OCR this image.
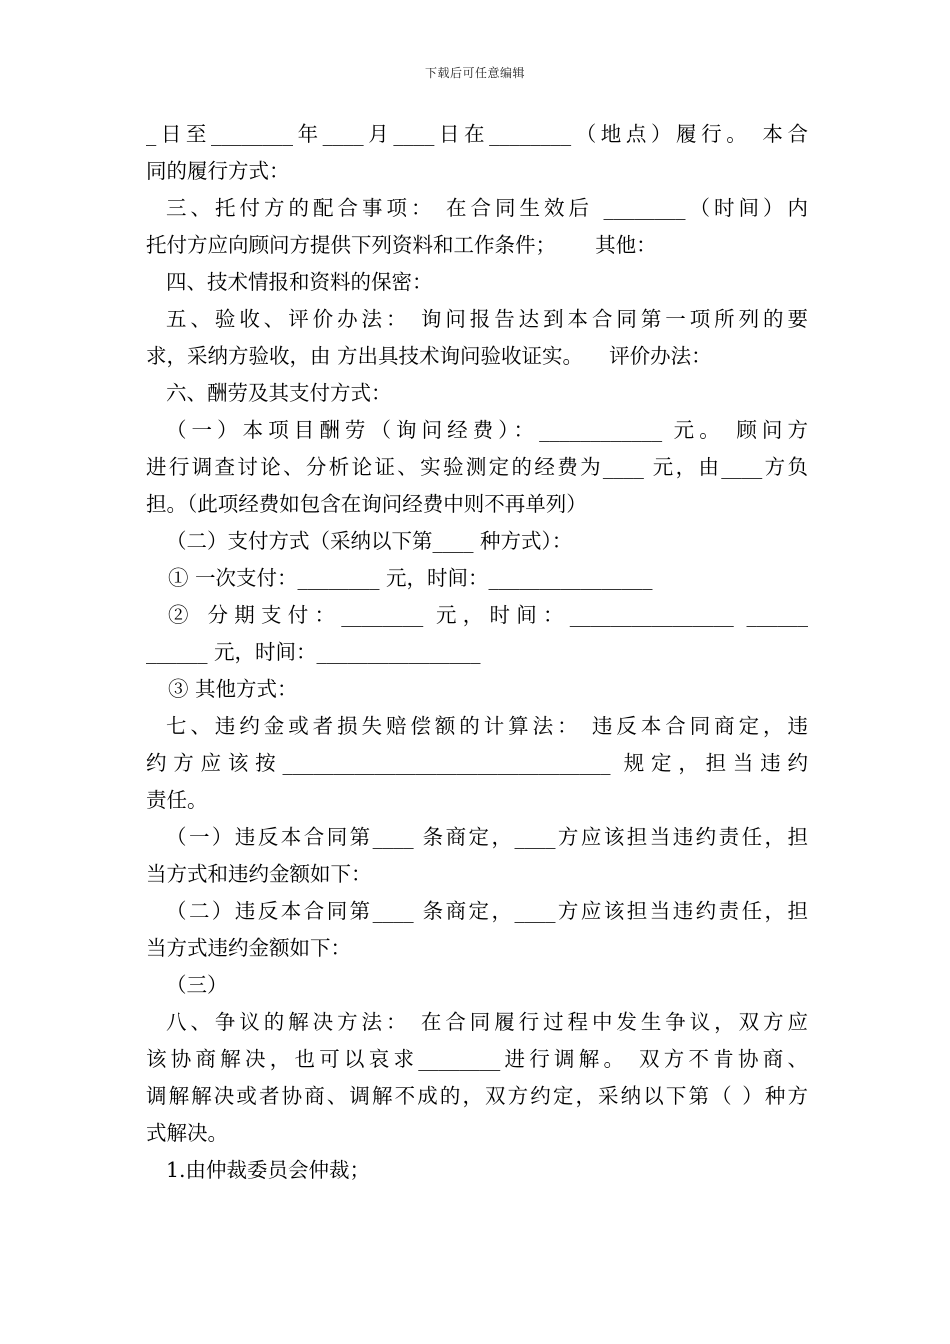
下载后可任意编辑
_日至________年____月____日在________（地点）履行。 本合
同的履行方式：
三、托付方的配合事项： 在合同生效后 ________（时间）内
托付方应向顾问方提供下列资料和工作条件；      其他：
四、技术情报和资料的保密：
五、验收、评价办法： 询问报告达到本合同第一项所列的要
求，采纳方验收，由 方出具技术询问验收证实。    评价办法：
六、酬劳及其支付方式：
（一）本项目酬劳（询问经费）：____________ 元。 顾问方
进行调查讨论、分析论证、实验测定的经费为____ 元，由____方负
担。（此项经费如包含在询问经费中则不再单列）
（二）支付方式（采纳以下第____ 种方式）：
① 一次支付：________ 元，时间：________________
② 分期支付：________ 元，时间：________________ ______
______ 元，时间：________________
③ 其他方式：
七、违约金或者损失赔偿额的计算法： 违反本合同商定，违
约方应该按________________________________ 规定，担当违约
责任。
（一）违反本合同第____ 条商定，____方应该担当违约责任，担
当方式和违约金额如下：
（二）违反本合同第____ 条商定，____方应该担当违约责任，担
当方式违约金额如下：
（三）
八、争议的解决方法： 在合同履行过程中发生争议，双方应
该协商解决，也可以哀求________进行调解。 双方不肯协商、
调解解决或者协商、调解不成的，双方约定，采纳以下第（ ）种方
式解决。
1.由仲裁委员会仲裁；
